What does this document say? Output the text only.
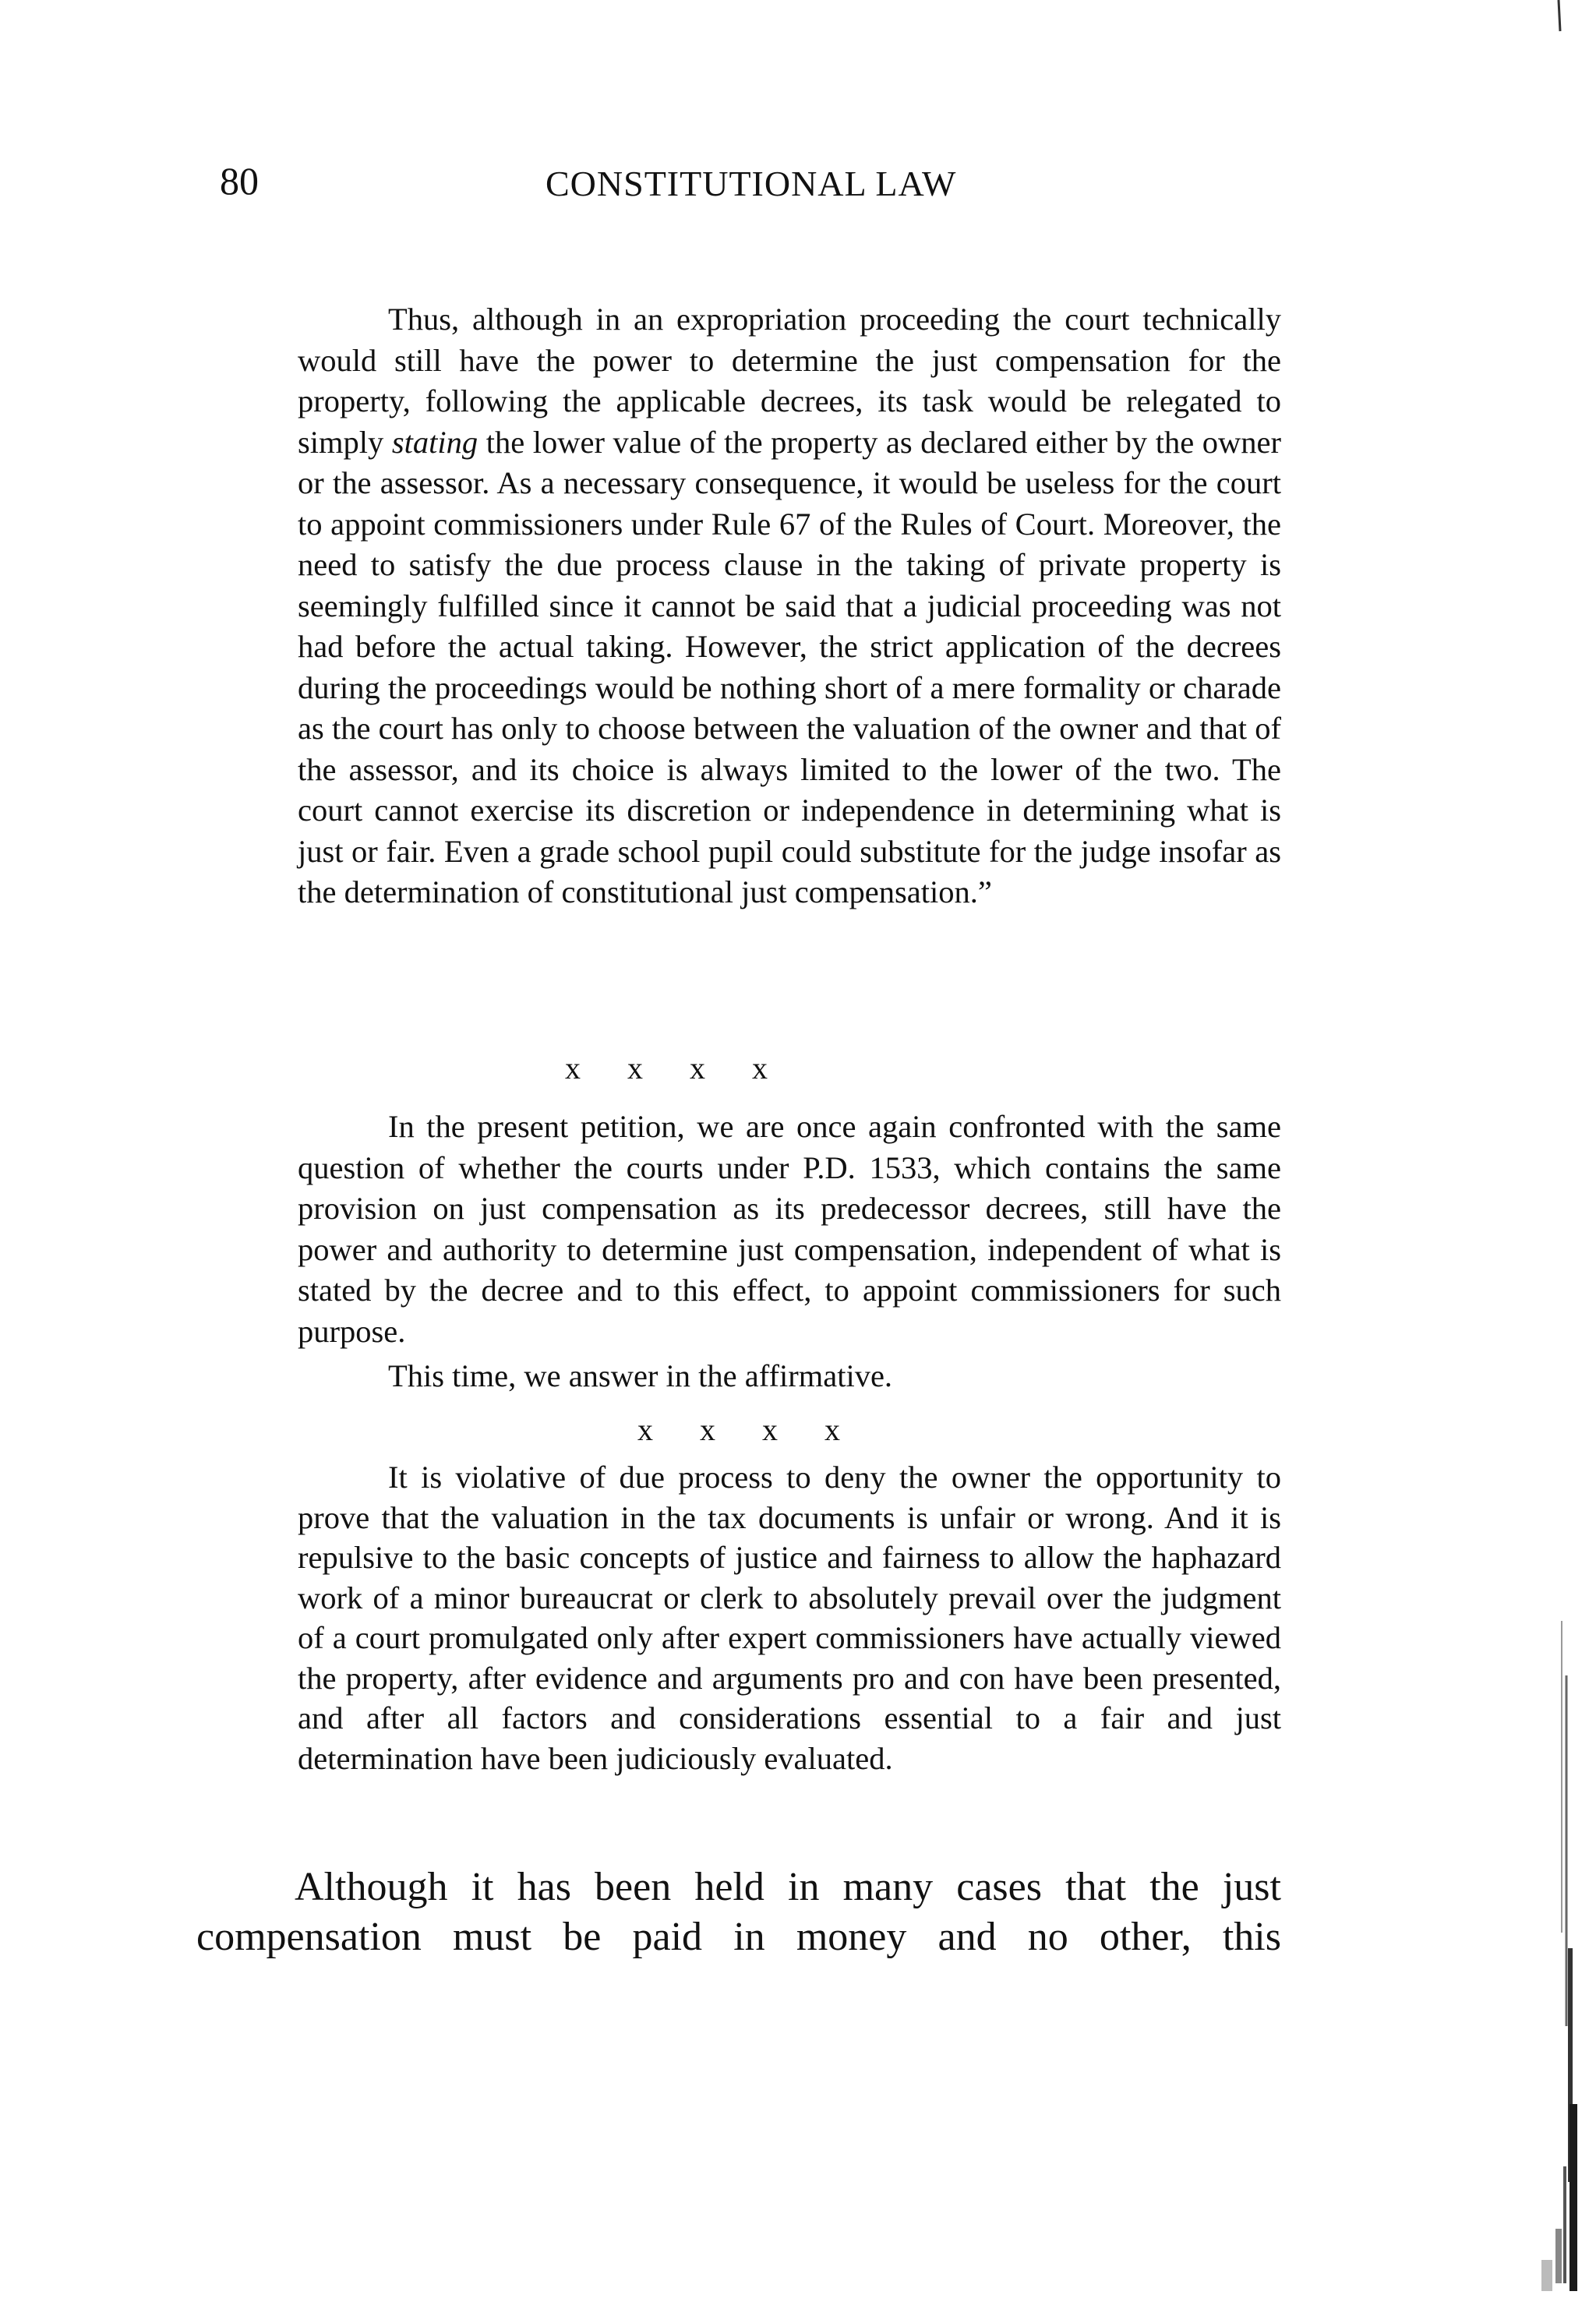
80	CONSTITUTIONAL LAW

Thus, although in an expropriation proceeding the court technically would still have the power to determine the just compensation for the property, following the applicable decrees, its task would be relegated to simply stating the lower value of the property as declared either by the owner or the assessor. As a necessary consequence, it would be useless for the court to appoint commissioners under Rule 67 of the Rules of Court. Moreover, the need to satisfy the due process clause in the taking of private property is seemingly fulfilled since it cannot be said that a judicial proceeding was not had before the actual taking. However, the strict application of the decrees during the proceedings would be nothing short of a mere formality or charade as the court has only to choose between the valuation of the owner and that of the assessor, and its choice is always limited to the lower of the two. The court cannot exercise its discretion or independence in determining what is just or fair. Even a grade school pupil could substitute for the judge insofar as the determination of constitutional just compensation.”

x x x x

In the present petition, we are once again confronted with the same question of whether the courts under P.D. 1533, which contains the same provision on just compensation as its predecessor decrees, still have the power and authority to determine just compensation, independent of what is stated by the decree and to this effect, to appoint commissioners for such purpose.

This time, we answer in the affirmative.

x x x x

It is violative of due process to deny the owner the opportunity to prove that the valuation in the tax documents is unfair or wrong. And it is repulsive to the basic concepts of justice and fairness to allow the haphazard work of a minor bureaucrat or clerk to absolutely prevail over the judgment of a court promulgated only after expert commissioners have actually viewed the property, after evidence and arguments pro and con have been presented, and after all factors and considerations essential to a fair and just determination have been judiciously evaluated.

Although it has been held in many cases that the just compensation must be paid in money and no other, this
